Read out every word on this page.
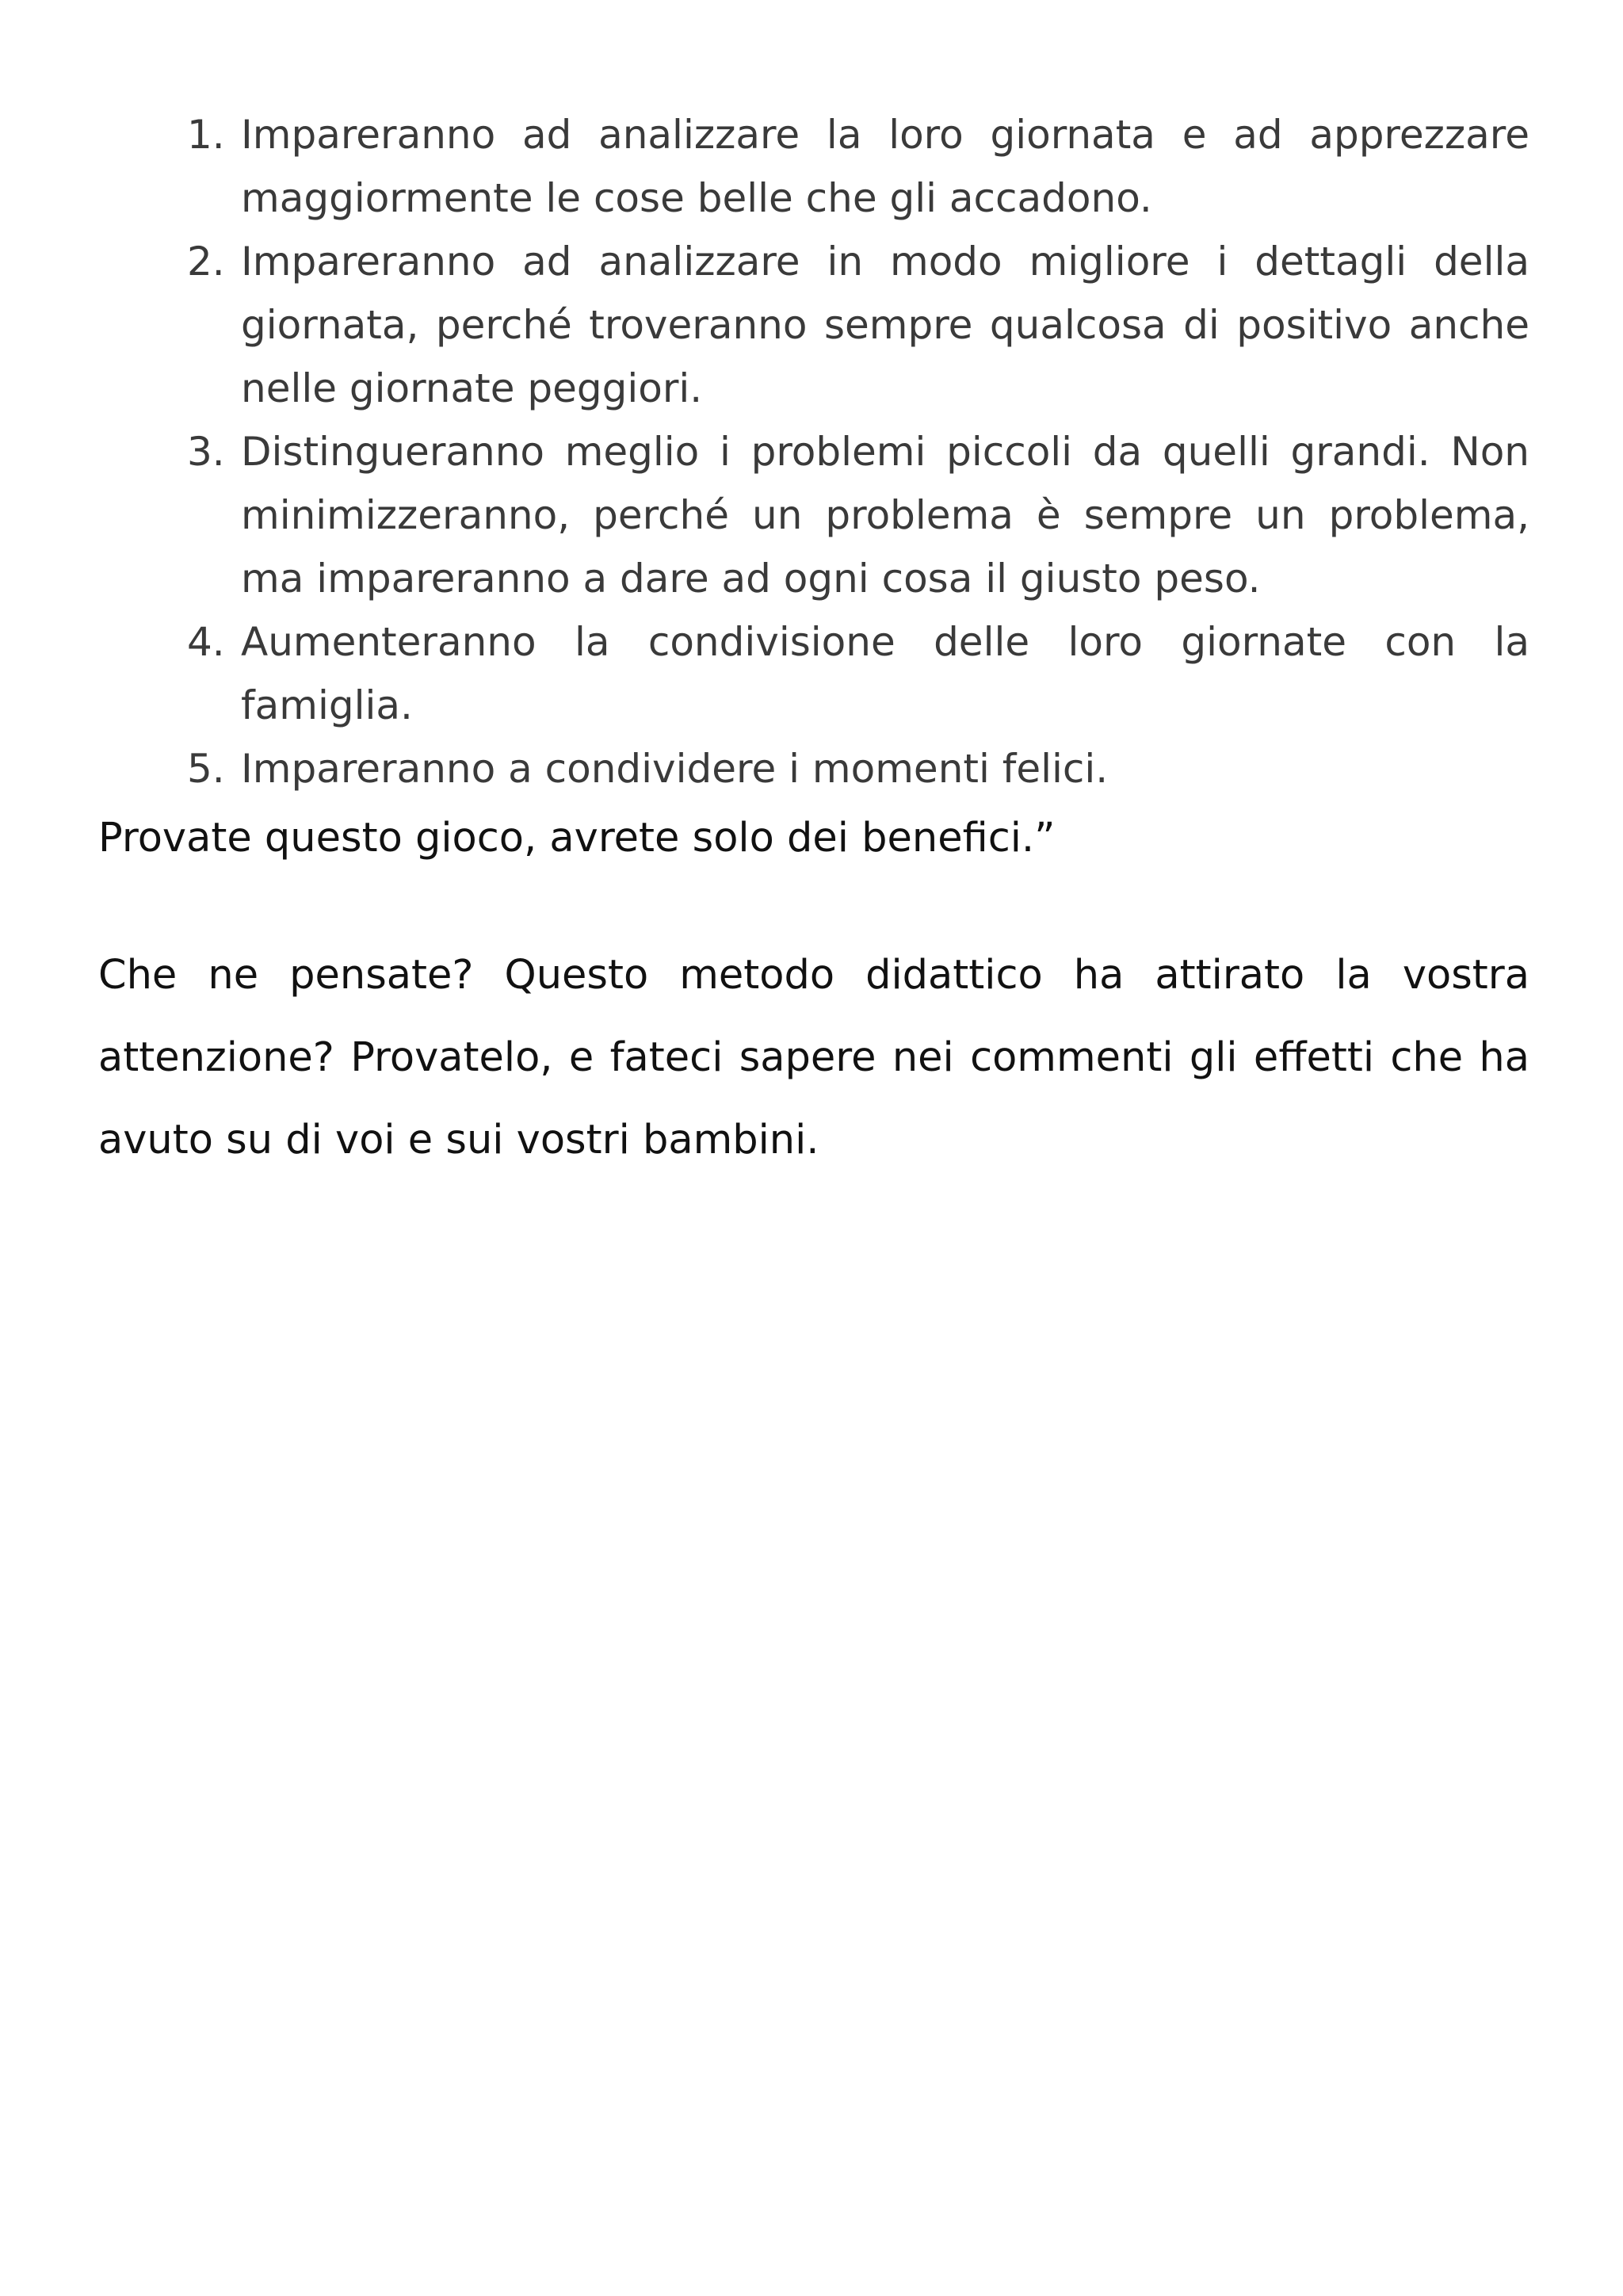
1. Impareranno ad analizzare la loro giornata e ad apprezzare maggiormente le cose belle che gli accadono.
2. Impareranno ad analizzare in modo migliore i dettagli della giornata, perché troveranno sempre qualcosa di positivo anche nelle giornate peggiori.
3. Distingueranno meglio i problemi piccoli da quelli grandi. Non minimizzeranno, perché un problema è sempre un problema, ma impareranno a dare ad ogni cosa il giusto peso.
4. Aumenteranno la condivisione delle loro giornate con la famiglia.
5. Impareranno a condividere i momenti felici.

Provate questo gioco, avrete solo dei benefici.”

Che ne pensate? Questo metodo didattico ha attirato la vostra attenzione? Provatelo, e fateci sapere nei commenti gli effetti che ha avuto su di voi e sui vostri bambini.
